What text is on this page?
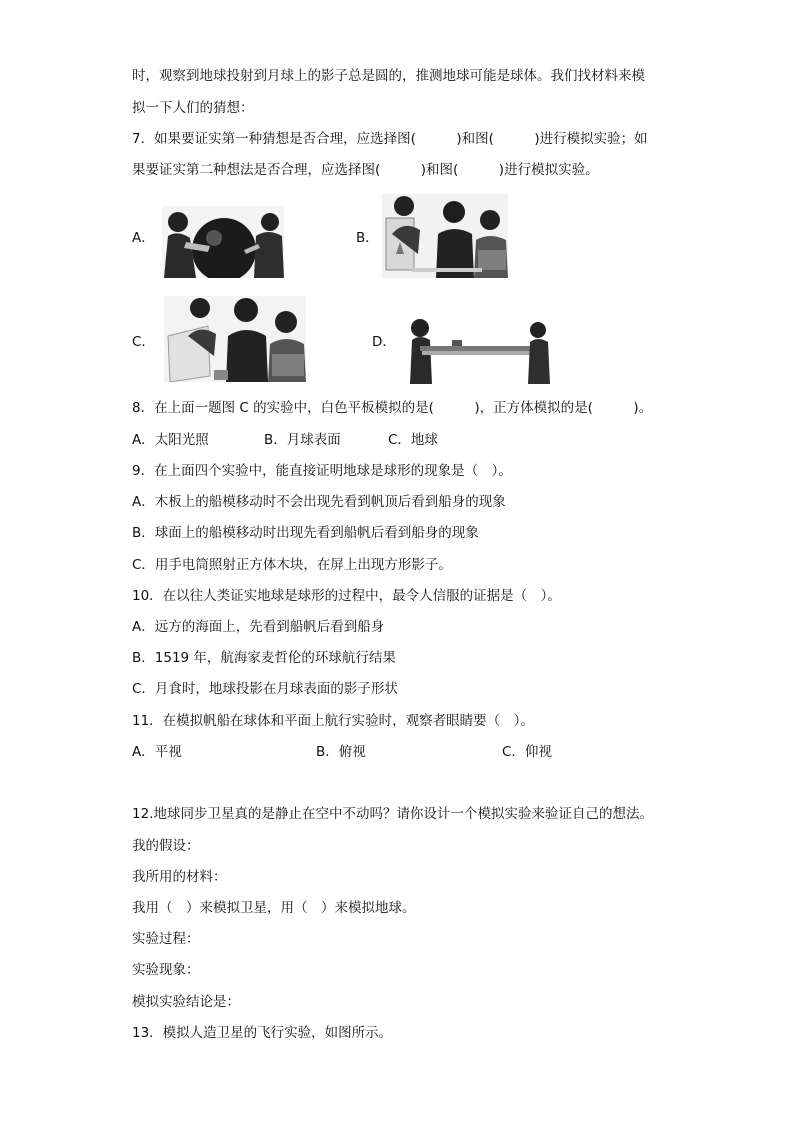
时，观察到地球投射到月球上的影子总是圆的，推测地球可能是球体。我们找材料来模
拟一下人们的猜想：
7．如果要证实第一种猜想是否合理，应选择图(　　　)和图(　　　)进行模拟实验；如
果要证实第二种想法是否合理，应选择图(　　　)和图(　　　)进行模拟实验。
A．	B．
C．	D．
8．在上面一题图 C 的实验中，白色平板模拟的是(　　　)，正方体模拟的是(　　　)。
A．太阳光照	B．月球表面	C．地球
9．在上面四个实验中，能直接证明地球是球形的现象是（　）。
A．木板上的船模移动时不会出现先看到帆顶后看到船身的现象
B．球面上的船模移动时出现先看到船帆后看到船身的现象
C．用手电筒照射正方体木块，在屏上出现方形影子。
10．在以往人类证实地球是球形的过程中，最令人信服的证据是（　）。
A．远方的海面上，先看到船帆后看到船身
B．1519 年，航海家麦哲伦的环球航行结果
C．月食时，地球投影在月球表面的影子形状
11．在模拟帆船在球体和平面上航行实验时，观察者眼睛要（　）。
A．平视	B．俯视	C．仰视
12.地球同步卫星真的是静止在空中不动吗？请你设计一个模拟实验来验证自己的想法。
我的假设：
我所用的材料：
我用（　）来模拟卫星，用（　）来模拟地球。
实验过程：
实验现象：
模拟实验结论是：
13．模拟人造卫星的飞行实验，如图所示。
